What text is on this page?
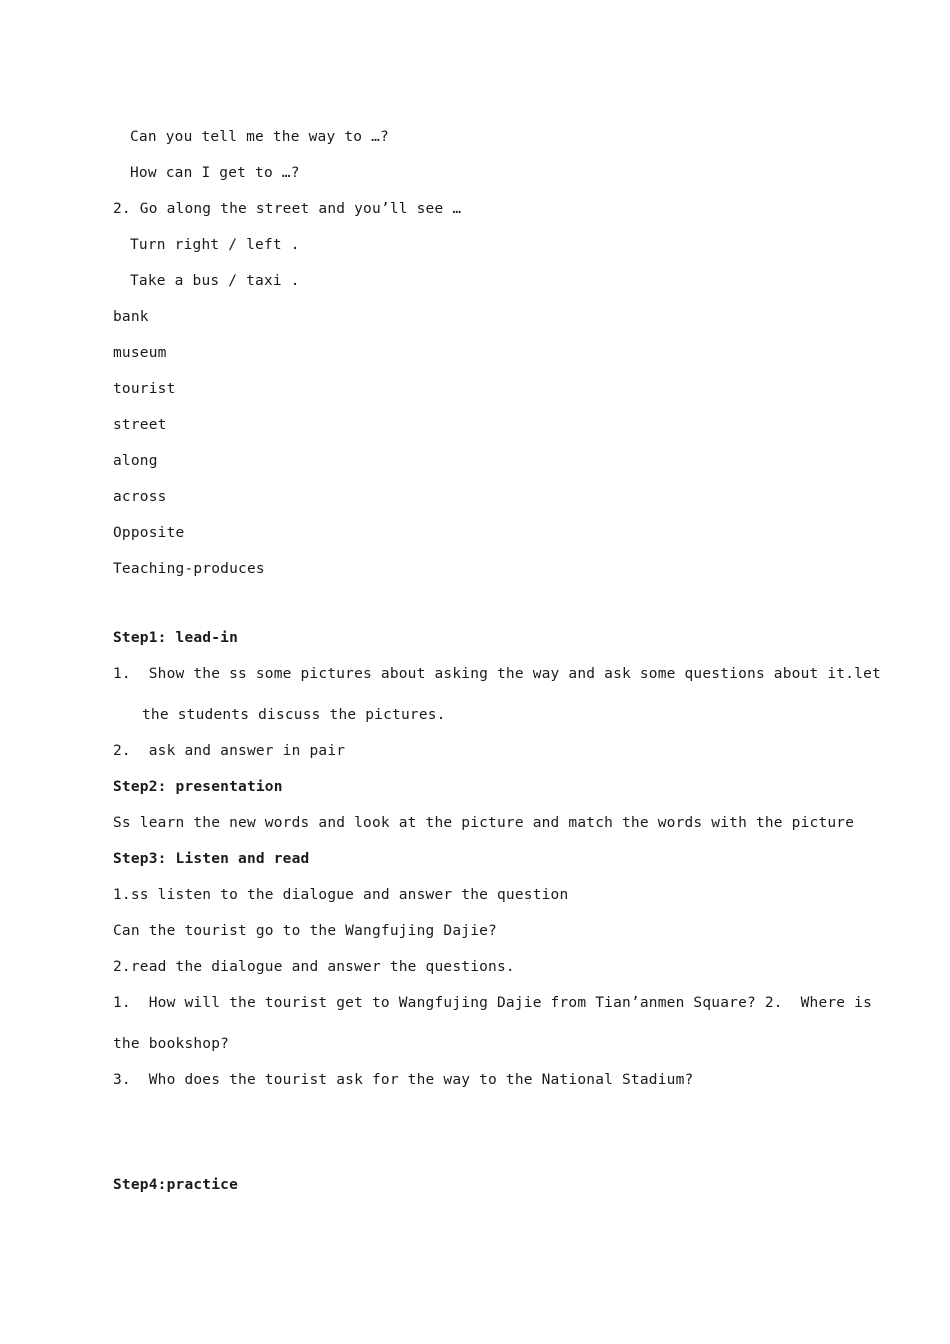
Can you tell me the way to …?
How can I get to …?
2. Go along the street and you’ll see …
Turn right / left .
Take a bus / taxi .
bank
museum
tourist
street
along
across
Opposite
Teaching-produces
Step1: lead-in
1.  Show the ss some pictures about asking the way and ask some questions about it.let
the students discuss the pictures.
2.  ask and answer in pair
Step2: presentation
Ss learn the new words and look at the picture and match the words with the picture
Step3: Listen and read
1.ss listen to the dialogue and answer the question
Can the tourist go to the Wangfujing Dajie?
2.read the dialogue and answer the questions.
1.  How will the tourist get to Wangfujing Dajie from Tian’anmen Square? 2.  Where is
the bookshop?
3.  Who does the tourist ask for the way to the National Stadium?
Step4:practice
